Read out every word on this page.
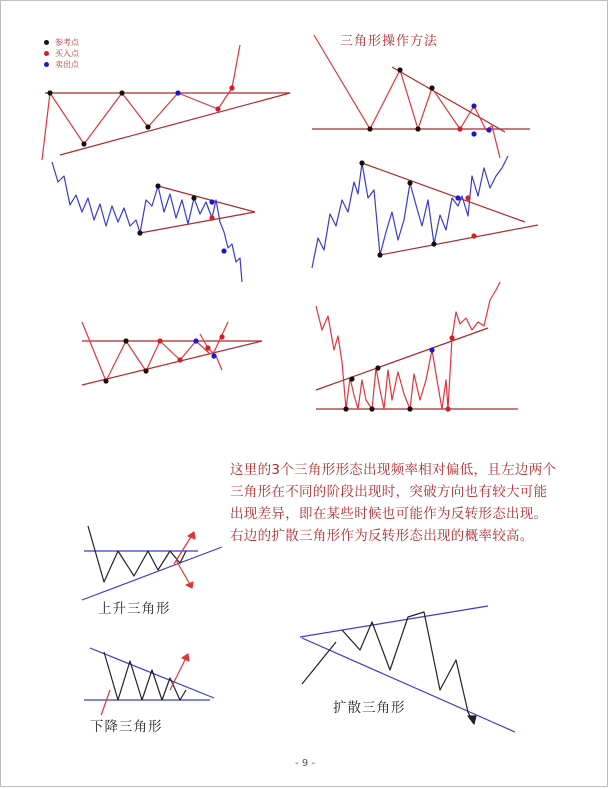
参考点
买入点
卖出点
三角形操作方法
这里的3个三角形形态出现频率相对偏低，且左边两个三角形在不同的阶段出现时，突破方向也有较大可能出现差异，即在某些时候也可能作为反转形态出现。右边的扩散三角形作为反转形态出现的概率较高。
上升三角形
下降三角形
扩散三角形
- 9 -
